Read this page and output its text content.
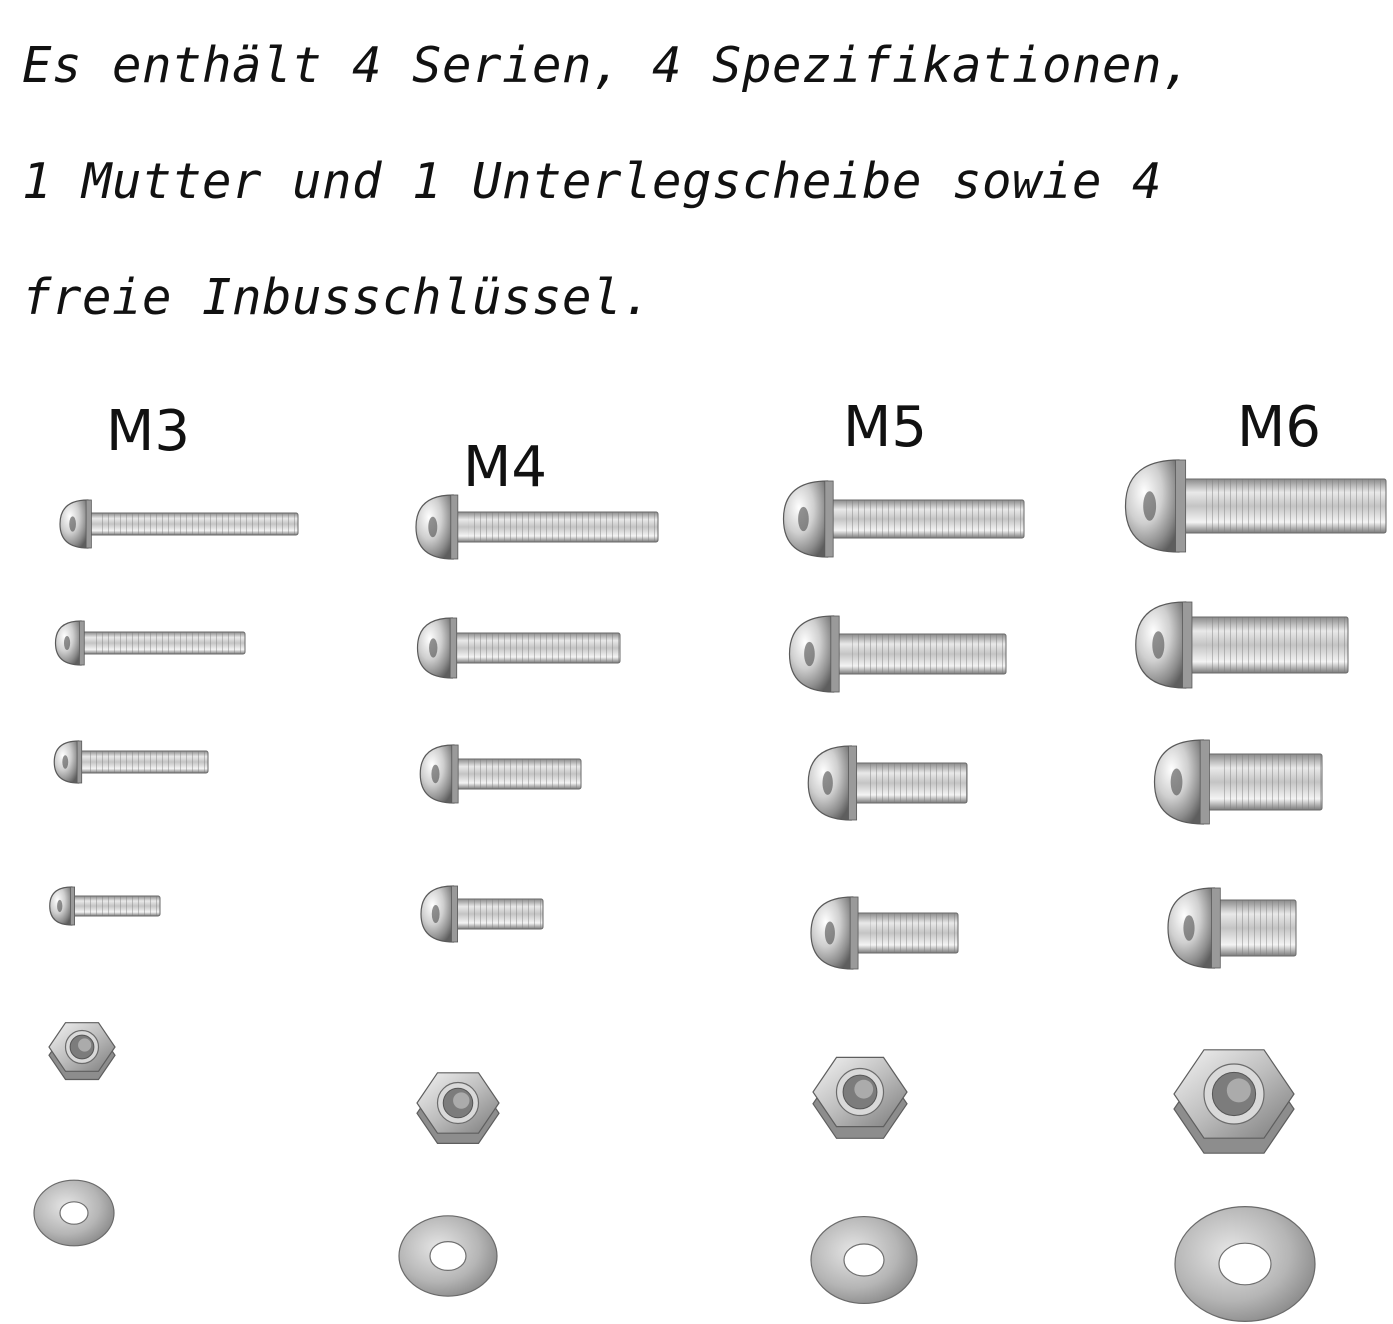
Es enthält 4 Serien, 4 Spezifikationen,
1 Mutter und 1 Unterlegscheibe sowie 4
freie Inbusschlüssel.
M3
M4
M5	M6
